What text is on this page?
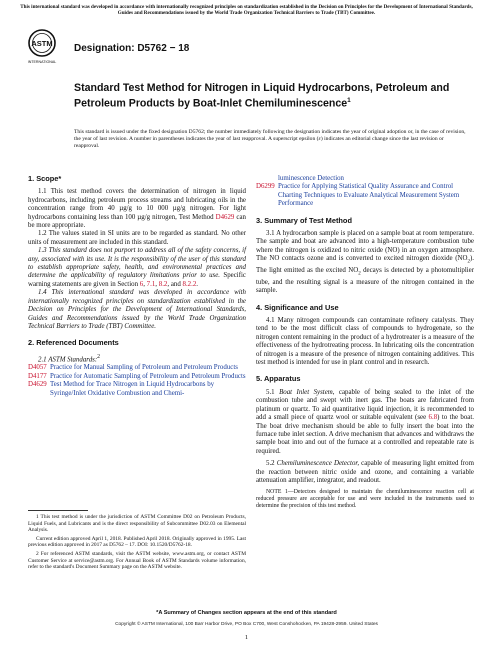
This international standard was developed in accordance with internationally recognized principles on standardization established in the Decision on Principles for the Development of International Standards, Guides and Recommendations issued by the World Trade Organization Technical Barriers to Trade (TBT) Committee.
ASTM
INTERNATIONAL
Designation: D5762 − 18
Standard Test Method for Nitrogen in Liquid Hydrocarbons, Petroleum and Petroleum Products by Boat-Inlet Chemiluminescence$^1$
This standard is issued under the fixed designation D5762; the number immediately following the designation indicates the year of original adoption or, in the case of revision, the year of last revision. A number in parentheses indicates the year of last reapproval. A superscript epsilon (ε) indicates an editorial change since the last revision or reapproval.
1. Scope*

1.1 This test method covers the determination of nitrogen in liquid hydrocarbons, including petroleum process streams and lubricating oils in the concentration range from 40 µg/g to 10 000 µg/g nitrogen. For light hydrocarbons containing less than 100 µg/g nitrogen, Test Method D4629 can be more appropriate.

1.2 The values stated in SI units are to be regarded as standard. No other units of measurement are included in this standard.

1.3 This standard does not purport to address all of the safety concerns, if any, associated with its use. It is the responsibility of the user of this standard to establish appropriate safety, health, and environmental practices and determine the applicability of regulatory limitations prior to use. Specific warning statements are given in Section 6, 7.1, 8.2, and 8.2.2.

1.4 This international standard was developed in accordance with internationally recognized principles on standardization established in the Decision on Principles for the Development of International Standards, Guides and Recommendations issued by the World Trade Organization Technical Barriers to Trade (TBT) Committee.

2. Referenced Documents

2.1 ASTM Standards:$^2$

D4057 Practice for Manual Sampling of Petroleum and Petroleum Products
D4177 Practice for Automatic Sampling of Petroleum and Petroleum Products
D4629 Test Method for Trace Nitrogen in Liquid Hydrocarbons by Syringe/Inlet Oxidative Combustion and Chemi-

1 This test method is under the jurisdiction of ASTM Committee D02 on Petroleum Products, Liquid Fuels, and Lubricants and is the direct responsibility of Subcommittee D02.03 on Elemental Analysis.

Current edition approved April 1, 2018. Published April 2018. Originally approved in 1995. Last previous edition approved in 2017 as D5762 – 17. DOI: 10.1520/D5762-18.

2 For referenced ASTM standards, visit the ASTM website, www.astm.org, or contact ASTM Customer Service at service@astm.org. For Annual Book of ASTM Standards volume information, refer to the standard's Document Summary page on the ASTM website.

luminescence Detection
D6299 Practice for Applying Statistical Quality Assurance and Control Charting Techniques to Evaluate Analytical Measurement System Performance
3. Summary of Test Method

3.1 A hydrocarbon sample is placed on a sample boat at room temperature. The sample and boat are advanced into a high-temperature combustion tube where the nitrogen is oxidized to nitric oxide (NO) in an oxygen atmosphere. The NO contacts ozone and is converted to excited nitrogen dioxide $(NO_2)$. The light emitted as the excited $NO_2$ decays is detected by a photomultiplier tube, and the resulting signal is a measure of the nitrogen contained in the sample.

4. Significance and Use

4.1 Many nitrogen compounds can contaminate refinery catalysts. They tend to be the most difficult class of compounds to hydrogenate, so the nitrogen content remaining in the product of a hydrotreater is a measure of the effectiveness of the hydrotreating process. In lubricating oils the concentration of nitrogen is a measure of the presence of nitrogen containing additives. This test method is intended for use in plant control and in research.

5. Apparatus

5.1 Boat Inlet System, capable of being sealed to the inlet of the combustion tube and swept with inert gas. The boats are fabricated from platinum or quartz. To aid quantitative liquid injection, it is recommended to add a small piece of quartz wool or suitable equivalent (see 6.8) to the boat. The boat drive mechanism should be able to fully insert the boat into the furnace tube inlet section. A drive mechanism that advances and withdraws the sample boat into and out of the furnace at a controlled and repeatable rate is required.

5.2 Chemiluminescence Detector, capable of measuring light emitted from the reaction between nitric oxide and ozone, and containing a variable attenuation amplifier, integrator, and readout.

NOTE 1—Detectors designed to maintain the chemiluminescence reaction cell at reduced pressure are acceptable for use and were included in the instruments used to determine the precision of this test method.
*A Summary of Changes section appears at the end of this standard
Copyright © ASTM International, 100 Barr Harbor Drive, PO Box C700, West Conshohocken, PA 19428-2959. United States
1
